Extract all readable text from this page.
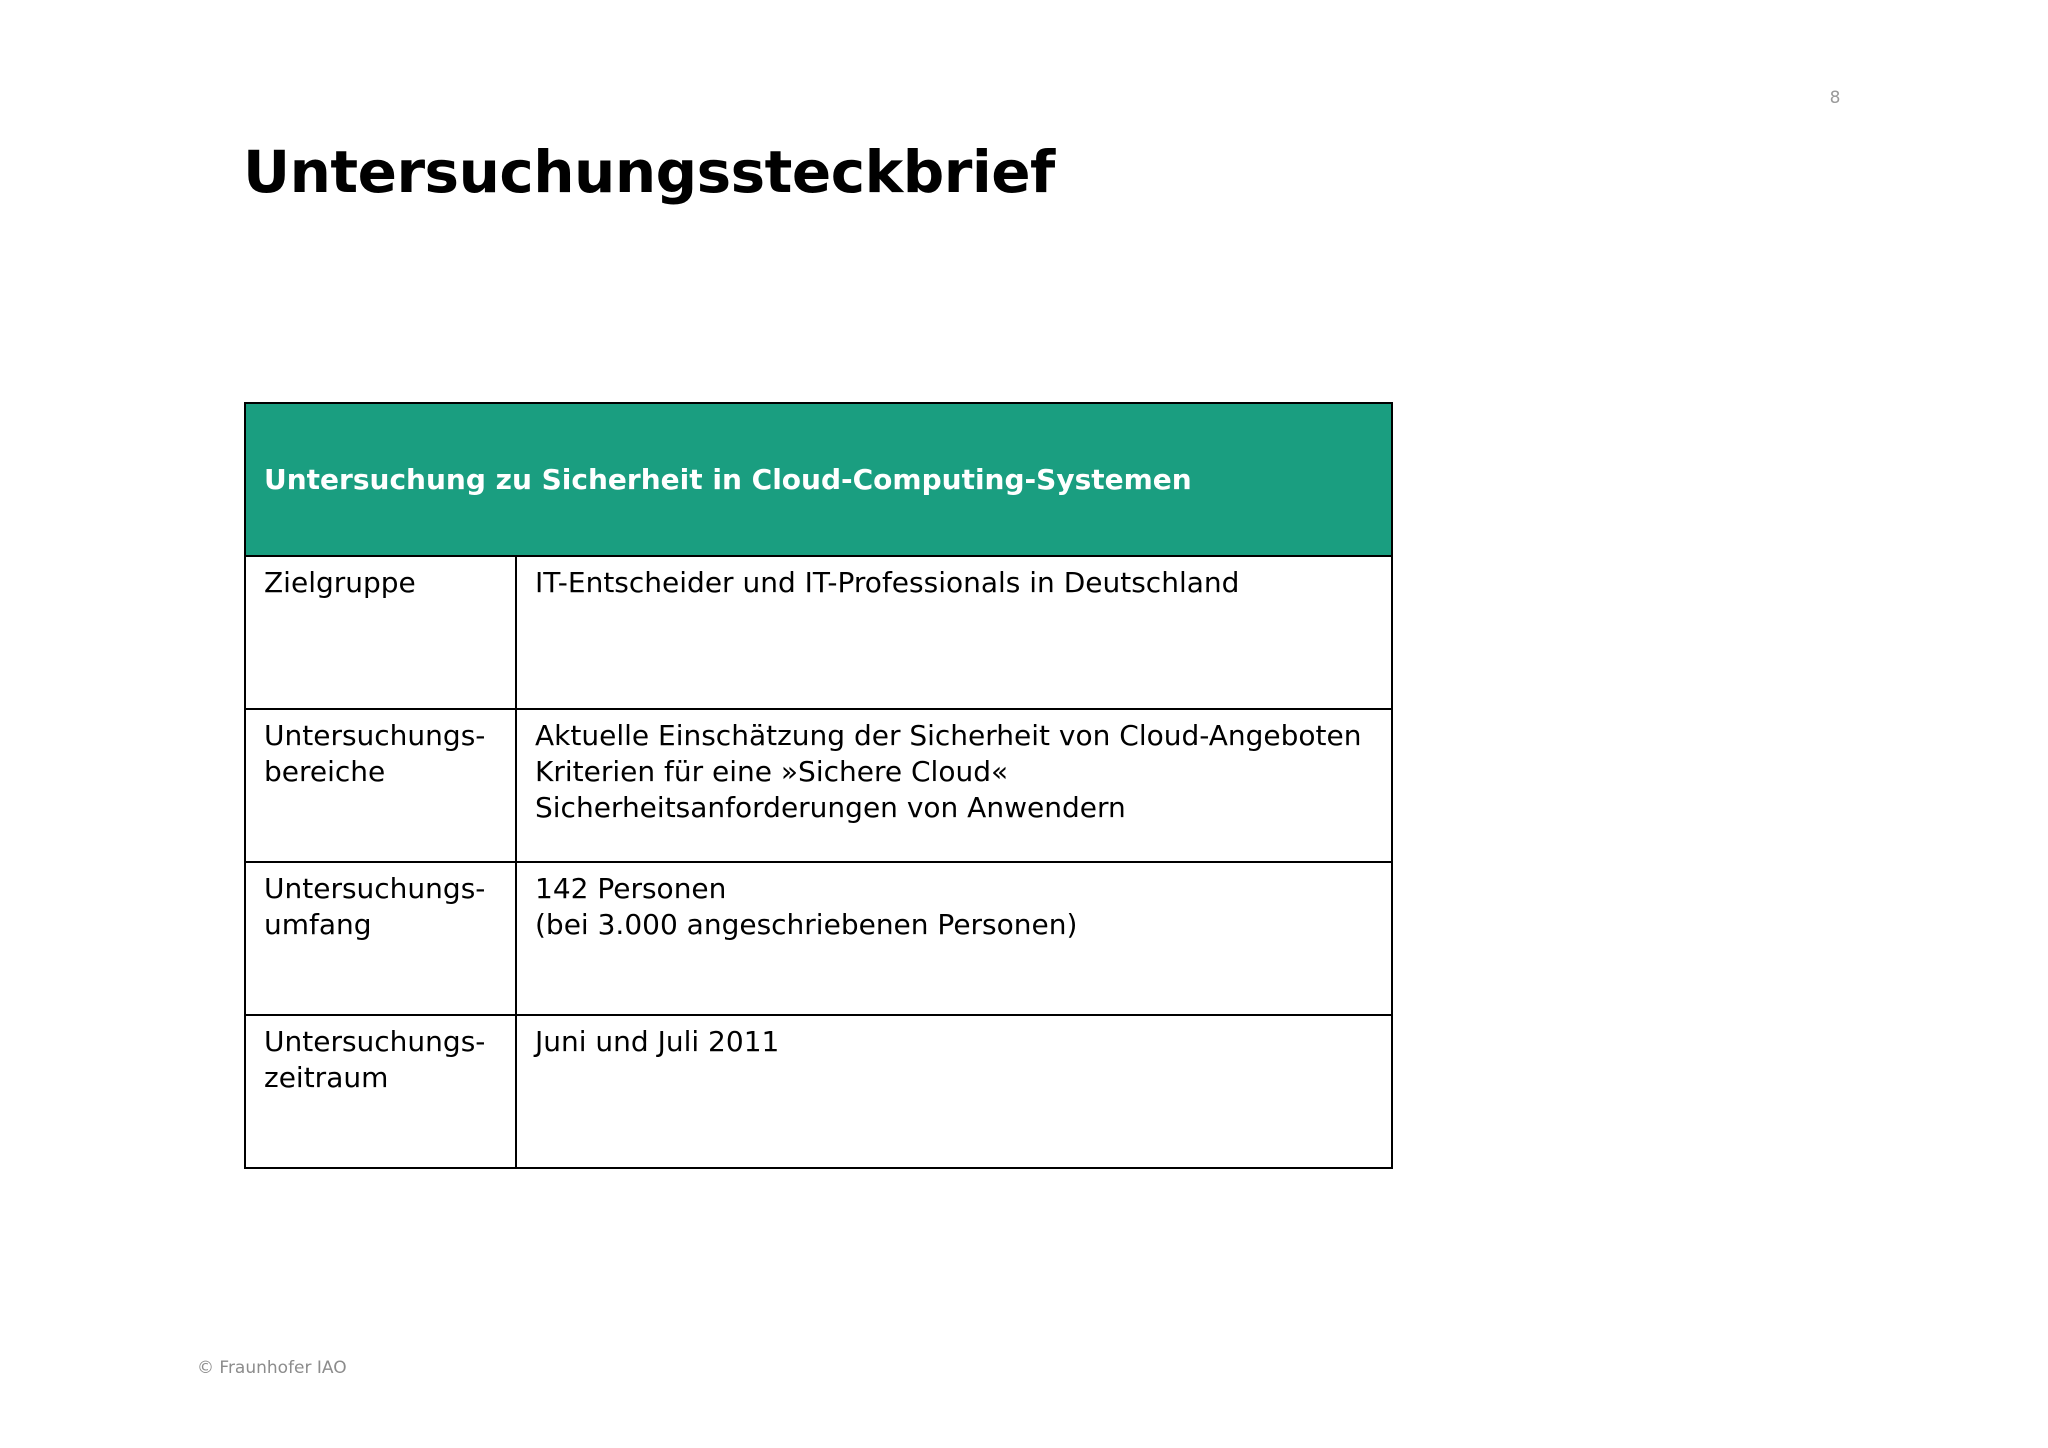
8
Untersuchungssteckbrief
Untersuchung zu Sicherheit in Cloud-Computing-Systemen	

Zielgruppe	IT-Entscheider und IT-Professionals in Deutschland

Untersuchungs-
bereiche	Aktuelle Einschätzung der Sicherheit von Cloud-Angeboten
Kriterien für eine »Sichere Cloud«
Sicherheitsanforderungen von Anwendern

Untersuchungs-
umfang	142 Personen
(bei 3.000 angeschriebenen Personen)

Untersuchungs-
zeitraum	Juni und Juli 2011
© Fraunhofer IAO
